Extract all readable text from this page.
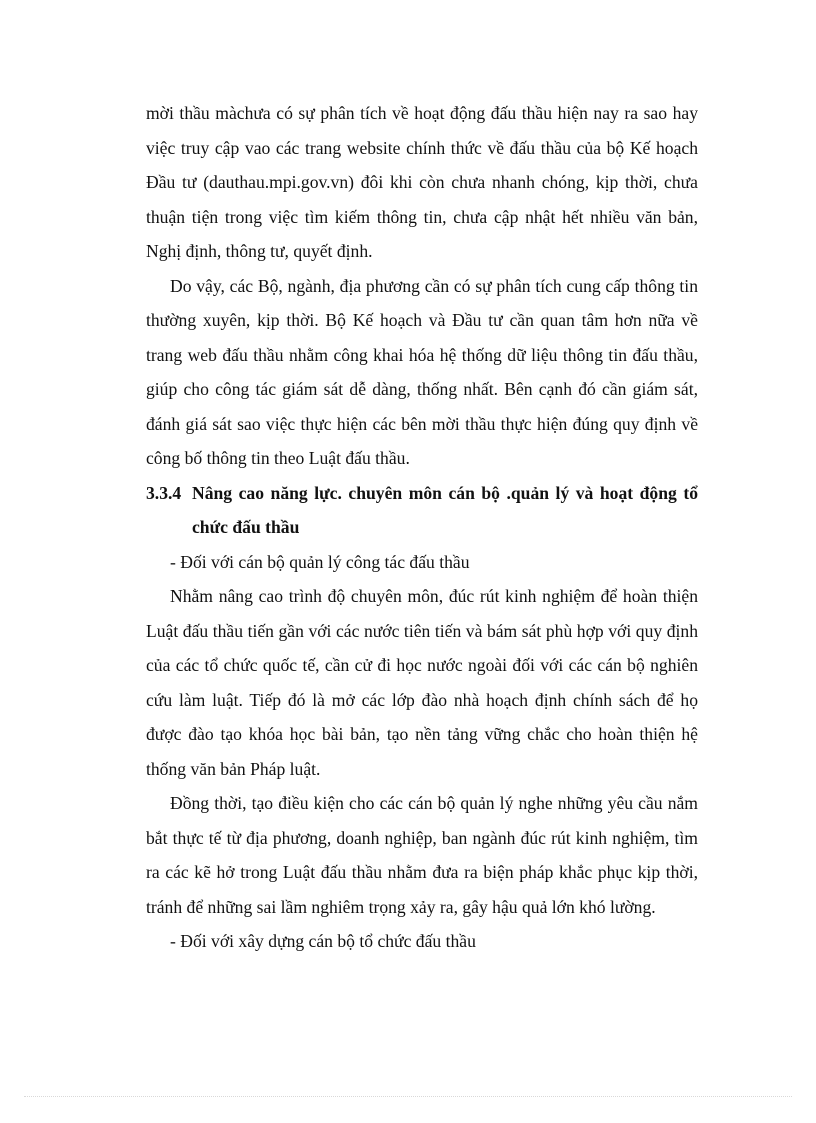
mời thầu màchưa có sự phân tích về hoạt động đấu thầu hiện nay ra sao hay việc truy cập vao các trang website chính thức về đấu thầu của bộ Kế hoạch Đầu tư (dauthau.mpi.gov.vn) đôi khi còn chưa nhanh chóng, kịp thời, chưa thuận tiện trong việc tìm kiếm thông tin, chưa cập nhật hết nhiều văn bản, Nghị định, thông tư, quyết định.

Do vậy, các Bộ, ngành, địa phương cần có sự phân tích cung cấp thông tin thường xuyên, kịp thời. Bộ Kế hoạch và Đầu tư cần quan tâm hơn nữa về trang web đấu thầu nhằm công khai hóa hệ thống dữ liệu thông tin đấu thầu, giúp cho công tác giám sát dễ dàng, thống nhất. Bên cạnh đó cần giám sát, đánh giá sát sao việc thực hiện các bên mời thầu thực hiện đúng quy định về công bố thông tin theo Luật đấu thầu.

3.3.4 Nâng cao năng lực. chuyên môn cán bộ .quản lý và hoạt động tổ chức đấu thầu

- Đối với cán bộ quản lý công tác đấu thầu

Nhằm nâng cao trình độ chuyên môn, đúc rút kinh nghiệm để hoàn thiện Luật đấu thầu tiến gần với các nước tiên tiến và bám sát phù hợp với quy định của các tổ chức quốc tế, cần cử đi học nước ngoài đối với các cán bộ nghiên cứu làm luật. Tiếp đó là mở các lớp đào nhà hoạch định chính sách để họ được đào tạo khóa học bài bản, tạo nền tảng vững chắc cho hoàn thiện hệ thống văn bản Pháp luật.

Đồng thời, tạo điều kiện cho các cán bộ quản lý nghe những yêu cầu nắm bắt thực tế từ địa phương, doanh nghiệp, ban ngành đúc rút kinh nghiệm, tìm ra các kẽ hở trong Luật đấu thầu nhằm đưa ra biện pháp khắc phục kịp thời, tránh để những sai lầm nghiêm trọng xảy ra, gây hậu quả lớn khó lường.

- Đối với xây dựng cán bộ tổ chức đấu thầu
